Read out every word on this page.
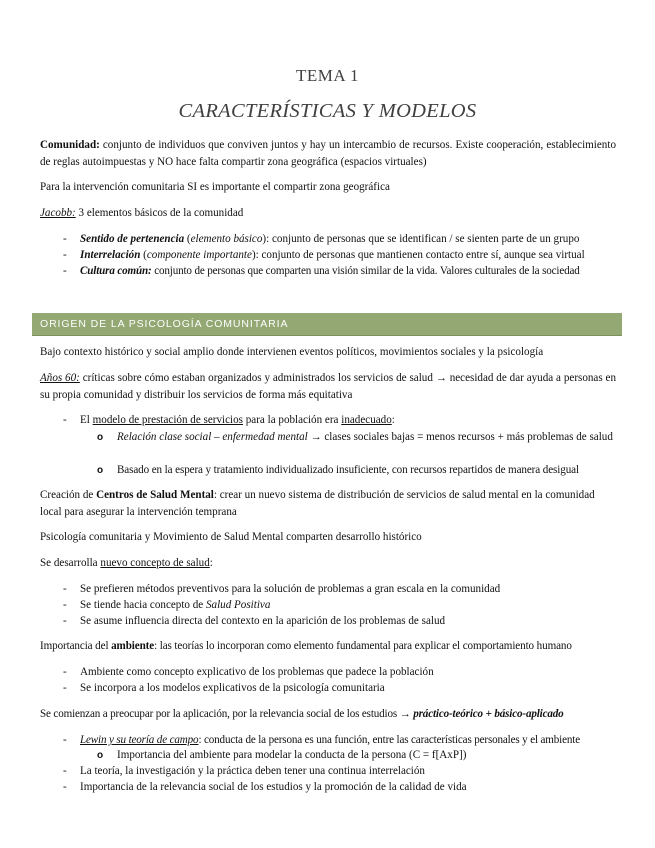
TEMA 1
CARACTERÍSTICAS Y MODELOS

Comunidad: conjunto de individuos que conviven juntos y hay un intercambio de recursos. Existe cooperación, establecimiento de reglas autoimpuestas y NO hace falta compartir zona geográfica (espacios virtuales)

Para la intervención comunitaria SI es importante el compartir zona geográfica

Jacobb: 3 elementos básicos de la comunidad

- Sentido de pertenencia (elemento básico): conjunto de personas que se identifican / se sienten parte de un grupo

- Interrelación (componente importante): conjunto de personas que mantienen contacto entre sí, aunque sea virtual

- Cultura común: conjunto de personas que comparten una visión similar de la vida. Valores culturales de la sociedad

ORIGEN DE LA PSICOLOGÍA COMUNITARIA

Bajo contexto histórico y social amplio donde intervienen eventos políticos, movimientos sociales y la psicología

Años 60: críticas sobre cómo estaban organizados y administrados los servicios de salud → necesidad de dar ayuda a personas en su propia comunidad y distribuir los servicios de forma más equitativa

- El modelo de prestación de servicios para la población era inadecuado:

o Relación clase social – enfermedad mental → clases sociales bajas = menos recursos + más problemas de salud

o Basado en la espera y tratamiento individualizado insuficiente, con recursos repartidos de manera desigual

Creación de Centros de Salud Mental: crear un nuevo sistema de distribución de servicios de salud mental en la comunidad local para asegurar la intervención temprana

Psicología comunitaria y Movimiento de Salud Mental comparten desarrollo histórico

Se desarrolla nuevo concepto de salud:

- Se prefieren métodos preventivos para la solución de problemas a gran escala en la comunidad

- Se tiende hacia concepto de Salud Positiva

- Se asume influencia directa del contexto en la aparición de los problemas de salud

Importancia del ambiente: las teorías lo incorporan como elemento fundamental para explicar el comportamiento humano

- Ambiente como concepto explicativo de los problemas que padece la población

- Se incorpora a los modelos explicativos de la psicología comunitaria

Se comienzan a preocupar por la aplicación, por la relevancia social de los estudios → práctico-teórico + básico-aplicado

- Lewin y su teoría de campo: conducta de la persona es una función, entre las características personales y el ambiente

o Importancia del ambiente para modelar la conducta de la persona (C = f[AxP])

- La teoría, la investigación y la práctica deben tener una continua interrelación

- Importancia de la relevancia social de los estudios y la promoción de la calidad de vida
